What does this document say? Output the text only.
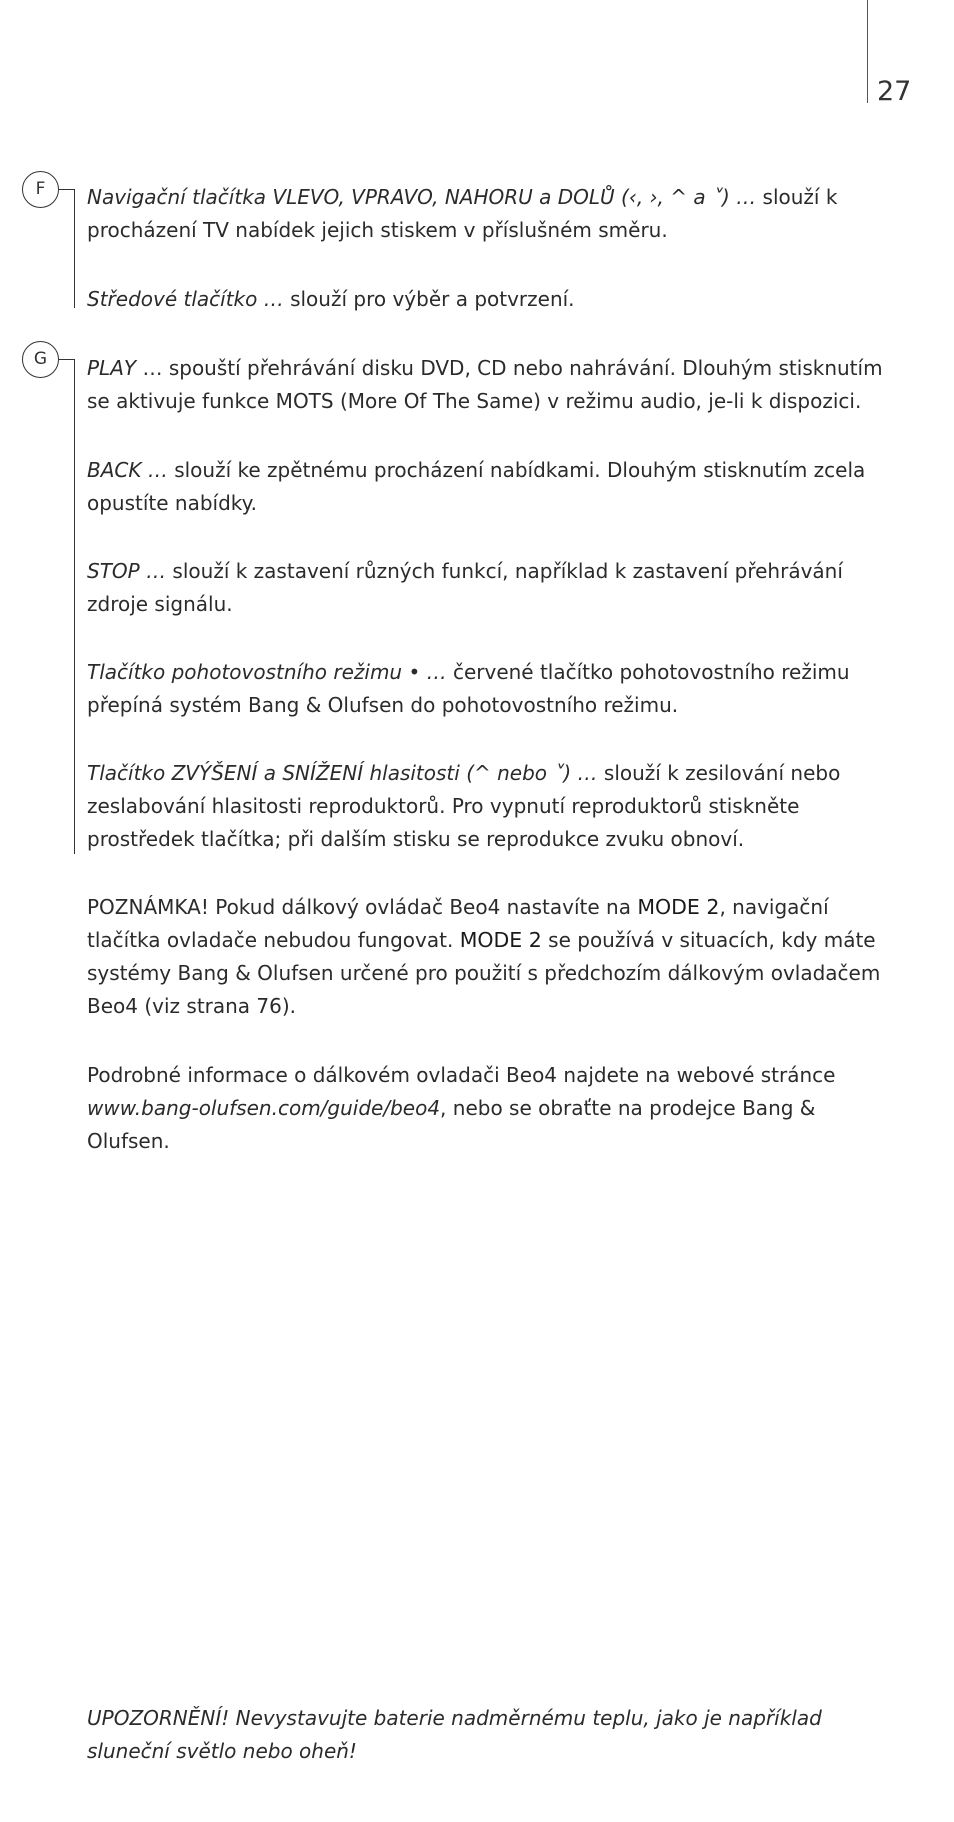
27
F	Navigační tlačítka VLEVO, VPRAVO, NAHORU a DOLŮ (‹, ›, ^ a ˅) … slouží k procházení TV nabídek jejich stiskem v příslušném směru.

Středové tlačítko … slouží pro výběr a potvrzení.

G	PLAY … spouští přehrávání disku DVD, CD nebo nahrávání. Dlouhým stisknutím se aktivuje funkce MOTS (More Of The Same) v režimu audio, je-li k dispozici.

BACK … slouží ke zpětnému procházení nabídkami. Dlouhým stisknutím zcela opustíte nabídky.

STOP … slouží k zastavení různých funkcí, například k zastavení přehrávání zdroje signálu.

Tlačítko pohotovostního režimu • … červené tlačítko pohotovostního režimu přepíná systém Bang & Olufsen do pohotovostního režimu.

Tlačítko ZVÝŠENÍ a SNÍŽENÍ hlasitosti (^ nebo ˅) … slouží k zesilování nebo zeslabování hlasitosti reproduktorů. Pro vypnutí reproduktorů stiskněte prostředek tlačítka; při dalším stisku se reprodukce zvuku obnoví.

POZNÁMKA! Pokud dálkový ovládač Beo4 nastavíte na MODE 2, navigační tlačítka ovladače nebudou fungovat. MODE 2 se používá v situacích, kdy máte systémy Bang & Olufsen určené pro použití s předchozím dálkovým ovladačem Beo4 (viz strana 76).

Podrobné informace o dálkovém ovladači Beo4 najdete na webové stránce www.bang-olufsen.com/guide/beo4, nebo se obraťte na prodejce Bang & Olufsen.

UPOZORNĚNÍ! Nevystavujte baterie nadměrnému teplu, jako je například sluneční světlo nebo oheň!
